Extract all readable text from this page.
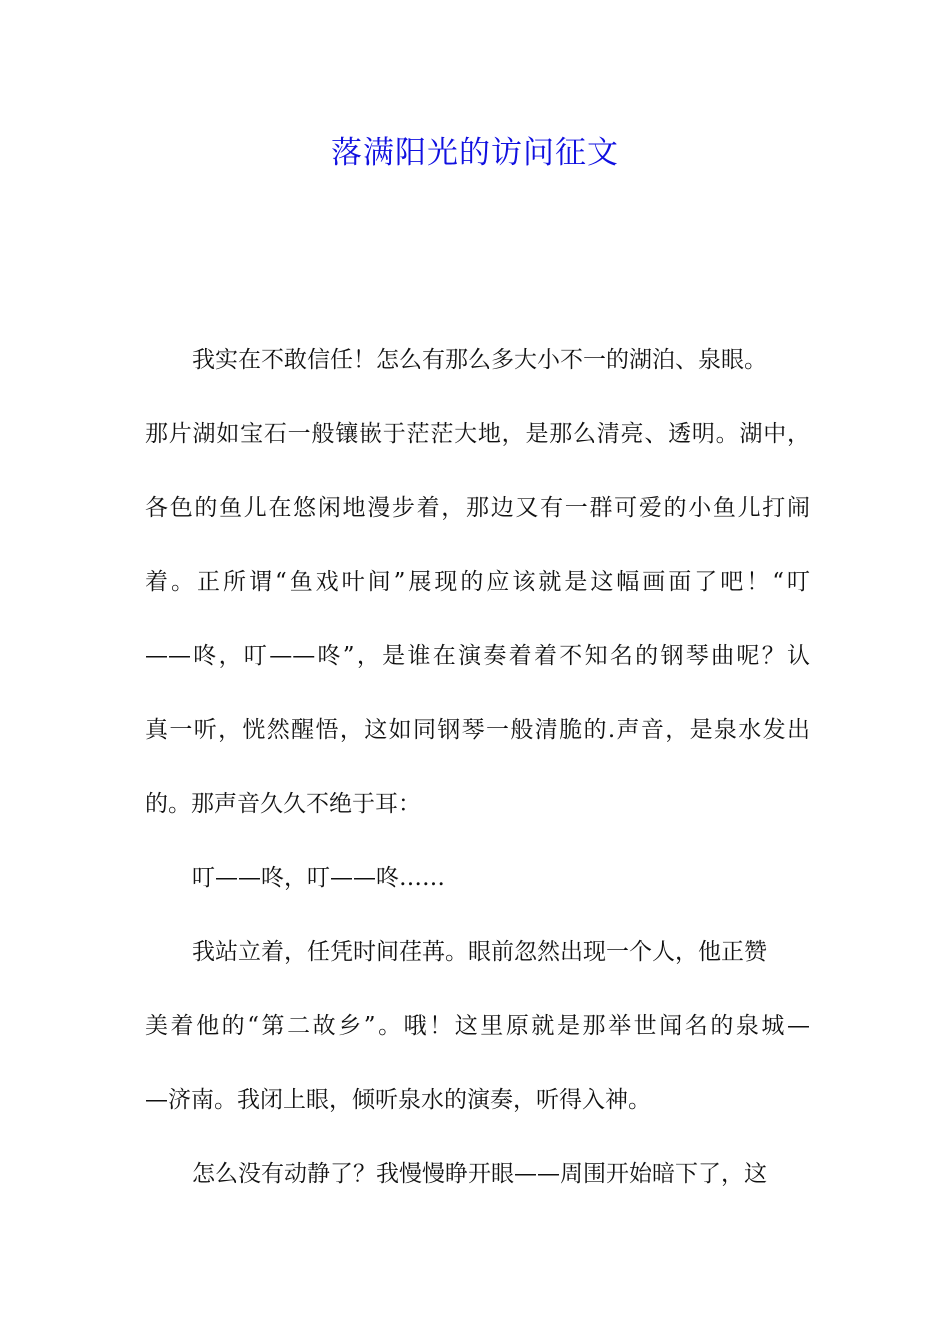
落满阳光的访问征文
我实在不敢信任！怎么有那么多大小不一的湖泊、泉眼。
那片湖如宝石一般镶嵌于茫茫大地，是那么清亮、透明。湖中，
各色的鱼儿在悠闲地漫步着，那边又有一群可爱的小鱼儿打闹
着。正所谓“鱼戏叶间”展现的应该就是这幅画面了吧！“叮
——咚，叮——咚”，是谁在演奏着着不知名的钢琴曲呢？认
真一听，恍然醒悟，这如同钢琴一般清脆的.声音，是泉水发出
的。那声音久久不绝于耳：
叮——咚，叮——咚……
我站立着，任凭时间荏苒。眼前忽然出现一个人，他正赞
美着他的“第二故乡”。哦！这里原就是那举世闻名的泉城—
—济南。我闭上眼，倾听泉水的演奏，听得入神。
怎么没有动静了？我慢慢睁开眼——周围开始暗下了，这
